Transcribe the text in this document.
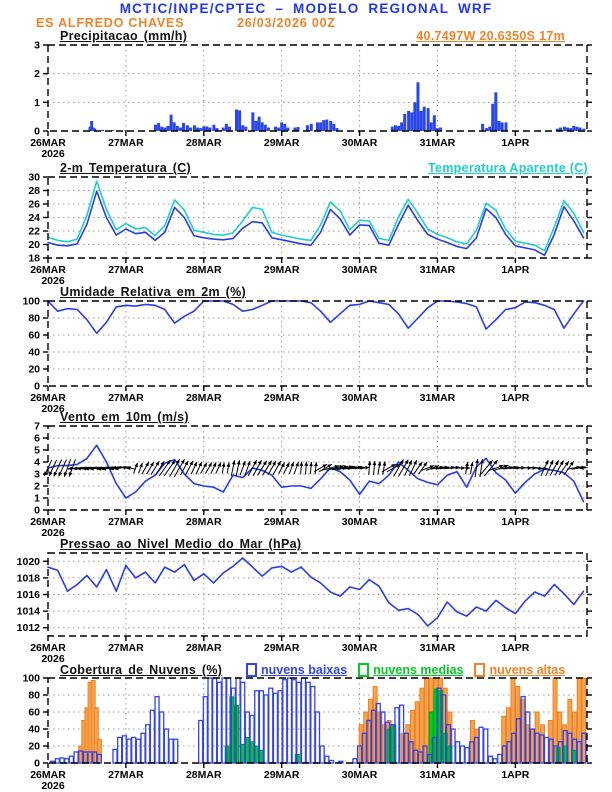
MCTIC/INPE/CPTEC – MODELO REGIONAL WRF
ES ALFREDO CHAVES	26/03/2026 00Z
Precipitacao (mm/h)	40.7497W 20.6350S 17m
2-m Temperatura (C)	Temperatura Aparente (C)
Umidade Relativa em 2m (%)
Vento em 10m (m/s)
Pressao ao Nivel Medio do Mar (hPa)
Cobertura de Nuvens (%)	nuvens baixas nuvens medias nuvens altas
0
1
2
3
26MAR	27MAR	28MAR	29MAR	30MAR	31MAR	1APR
2026
18
20
22
24
26
28
30
26MAR	27MAR	28MAR	29MAR	30MAR	31MAR	1APR
2026
0
20
40
60
80
100
26MAR	27MAR	28MAR	29MAR	30MAR	31MAR	1APR
2026
0
1
2
3
4
5
6
7
26MAR	27MAR	28MAR	29MAR	30MAR	31MAR	1APR
2026
1012
1014
1016
1018
1020
26MAR	27MAR	28MAR	29MAR	30MAR	31MAR	1APR
2026
0
20
40
60
80
100
26MAR	27MAR	28MAR	29MAR	30MAR	31MAR	1APR
2026
